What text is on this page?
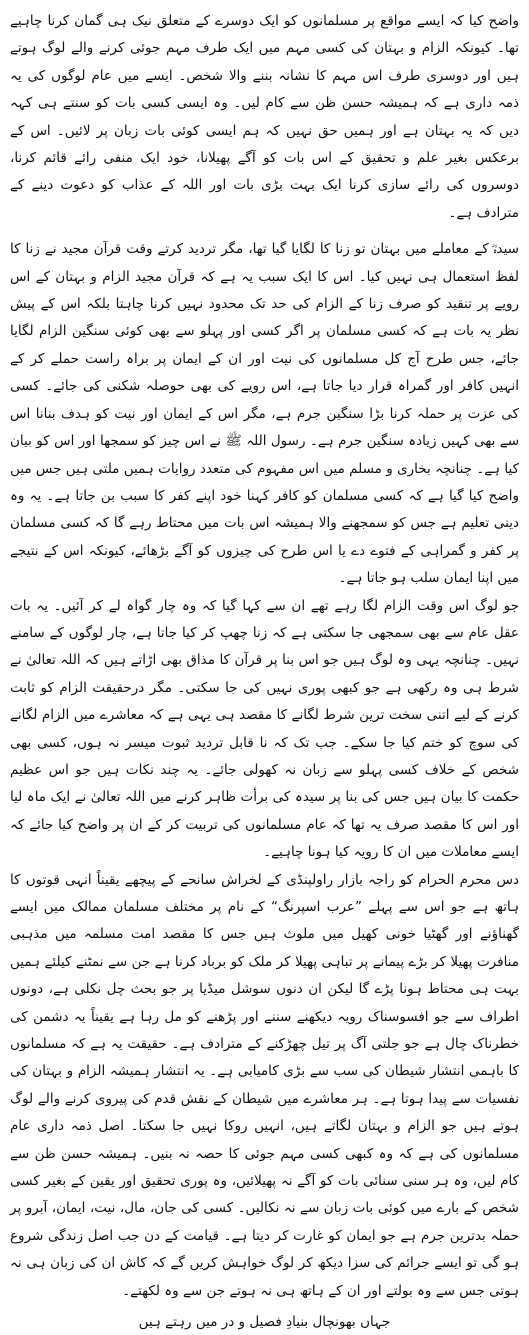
واضح کیا کہ ایسے مواقع پر مسلمانوں کو ایک دوسرے کے متعلق نیک ہی گمان کرنا چاہیے تھا۔ کیونکہ الزام و بہتان کی کسی مہم میں ایک طرف مہم جوئی کرنے والے لوگ ہوتے ہیں اور دوسری طرف اس مہم کا نشانہ بننے والا شخص۔ ایسے میں عام لوگوں کی یہ ذمہ داری ہے کہ ہمیشہ حسن ظن سے کام لیں۔ وہ ایسی کسی بات کو سنتے ہی کہہ دیں کہ یہ بہتان ہے اور ہمیں حق نہیں کہ ہم ایسی کوئی بات زبان پر لائیں۔ اس کے برعکس بغیر علم و تحقیق کے اس بات کو آگے پھیلانا، خود ایک منفی رائے قائم کرنا، دوسروں کی رائے سازی کرنا ایک بہت بڑی بات اور اللہ کے عذاب کو دعوت دینے کے مترادف ہے۔

سیدہؓ کے معاملے میں بہتان تو زنا کا لگایا گیا تھا، مگر تردید کرتے وقت قرآن مجید نے زنا کا لفظ استعمال ہی نہیں کیا۔ اس کا ایک سبب یہ ہے کہ قرآن مجید الزام و بہتان کے اس رویے پر تنقید کو صرف زنا کے الزام کی حد تک محدود نہیں کرنا چاہتا بلکہ اس کے پیش نظر یہ بات ہے کہ کسی مسلمان پر اگر کسی اور پہلو سے بھی کوئی سنگین الزام لگایا جائے، جس طرح آج کل مسلمانوں کی نیت اور ان کے ایمان پر براہ راست حملے کر کے انہیں کافر اور گمراہ قرار دیا جاتا ہے، اس رویے کی بھی حوصلہ شکنی کی جائے۔ کسی کی عزت پر حملہ کرنا بڑا سنگین جرم ہے، مگر اس کے ایمان اور نیت کو ہدف بنانا اس سے بھی کہیں زیادہ سنگین جرم ہے۔ رسول اللہ ﷺ نے اس چیز کو سمجھا اور اس کو بیان کیا ہے۔ چنانچہ بخاری و مسلم میں اس مفہوم کی متعدد روایات ہمیں ملتی ہیں جس میں واضح کیا گیا ہے کہ کسی مسلمان کو کافر کہنا خود اپنے کفر کا سبب بن جاتا ہے۔ یہ وہ دینی تعلیم ہے جس کو سمجھنے والا ہمیشہ اس بات میں محتاط رہے گا کہ کسی مسلمان پر کفر و گمراہی کے فتوے دے یا اس طرح کی چیزوں کو آگے بڑھائے، کیونکہ اس کے نتیجے میں اپنا ایمان سلب ہو جاتا ہے۔

جو لوگ اس وقت الزام لگا رہے تھے ان سے کہا گیا کہ وہ چار گواہ لے کر آئیں۔ یہ بات عقل عام سے بھی سمجھی جا سکتی ہے کہ زنا چھپ کر کیا جاتا ہے، چار لوگوں کے سامنے نہیں۔ چنانچہ یہی وہ لوگ ہیں جو اس بنا پر قرآن کا مذاق بھی اڑاتے ہیں کہ اللہ تعالیٰ نے شرط ہی وہ رکھی ہے جو کبھی پوری نہیں کی جا سکتی۔ مگر درحقیقت الزام کو ثابت کرنے کے لیے اتنی سخت ترین شرط لگانے کا مقصد ہی یہی ہے کہ معاشرے میں الزام لگانے کی سوچ کو ختم کیا جا سکے۔ جب تک کہ نا قابل تردید ثبوت میسر نہ ہوں، کسی بھی شخص کے خلاف کسی پہلو سے زبان نہ کھولی جائے۔ یہ چند نکات ہیں جو اس عظیم حکمت کا بیان ہیں جس کی بنا پر سیدہ کی برأت ظاہر کرنے میں اللہ تعالیٰ نے ایک ماہ لیا اور اس کا مقصد صرف یہ تھا کہ عام مسلمانوں کی تربیت کر کے ان پر واضح کیا جائے کہ ایسے معاملات میں ان کا رویہ کیا ہونا چاہیے۔

دس محرم الحرام کو راجہ بازار راولپنڈی کے لخراش سانحے کے پیچھے یقیناً انہی قوتوں کا ہاتھ ہے جو اس سے پہلے ”عرب اسپرنگ“ کے نام پر مختلف مسلمان ممالک میں ایسے گھناؤنے اور گھٹیا خونی کھیل میں ملوث ہیں جس کا مقصد امت مسلمہ میں مذہبی منافرت پھیلا کر بڑے پیمانے پر تباہی پھیلا کر ملک کو برباد کرنا ہے جن سے نمٹنے کیلئے ہمیں بہت ہی محتاط ہونا پڑے گا لیکن ان دنوں سوشل میڈیا پر جو بحث چل نکلی ہے، دونوں اطراف سے جو افسوسناک رویہ دیکھنے سننے اور پڑھنے کو مل رہا ہے یقیناً یہ دشمن کی خطرناک چال ہے جو جلتی آگ پر تیل چھڑکنے کے مترادف ہے۔ حقیقت یہ ہے کہ مسلمانوں کا باہمی انتشار شیطان کی سب سے بڑی کامیابی ہے۔ یہ انتشار ہمیشہ الزام و بہتان کی نفسیات سے پیدا ہوتا ہے۔ ہر معاشرے میں شیطان کے نقش قدم کی پیروی کرنے والے لوگ ہوتے ہیں جو الزام و بہتان لگاتے ہیں، انہیں روکا نہیں جا سکتا۔ اصل ذمہ داری عام مسلمانوں کی ہے کہ وہ کبھی کسی مہم جوئی کا حصہ نہ بنیں۔ ہمیشہ حسن ظن سے کام لیں، وہ ہر سنی سنائی بات کو آگے نہ پھیلائیں، وہ پوری تحقیق اور یقین کے بغیر کسی شخص کے بارے میں کوئی بات زبان سے نہ نکالیں۔ کسی کی جان، مال، نیت، ایمان، آبرو پر حملہ بدترین جرم ہے جو ایمان کو غارت کر دیتا ہے۔ قیامت کے دن جب اصل زندگی شروع ہو گی تو ایسے جرائم کی سزا دیکھ کر لوگ خواہش کریں گے کہ کاش ان کی زبان ہی نہ ہوتی جس سے وہ بولتے اور ان کے ہاتھ ہی نہ ہوتے جن سے وہ لکھتے۔

جہاں بھونچال بنیادِ فصیل و در میں رہتے ہیں
